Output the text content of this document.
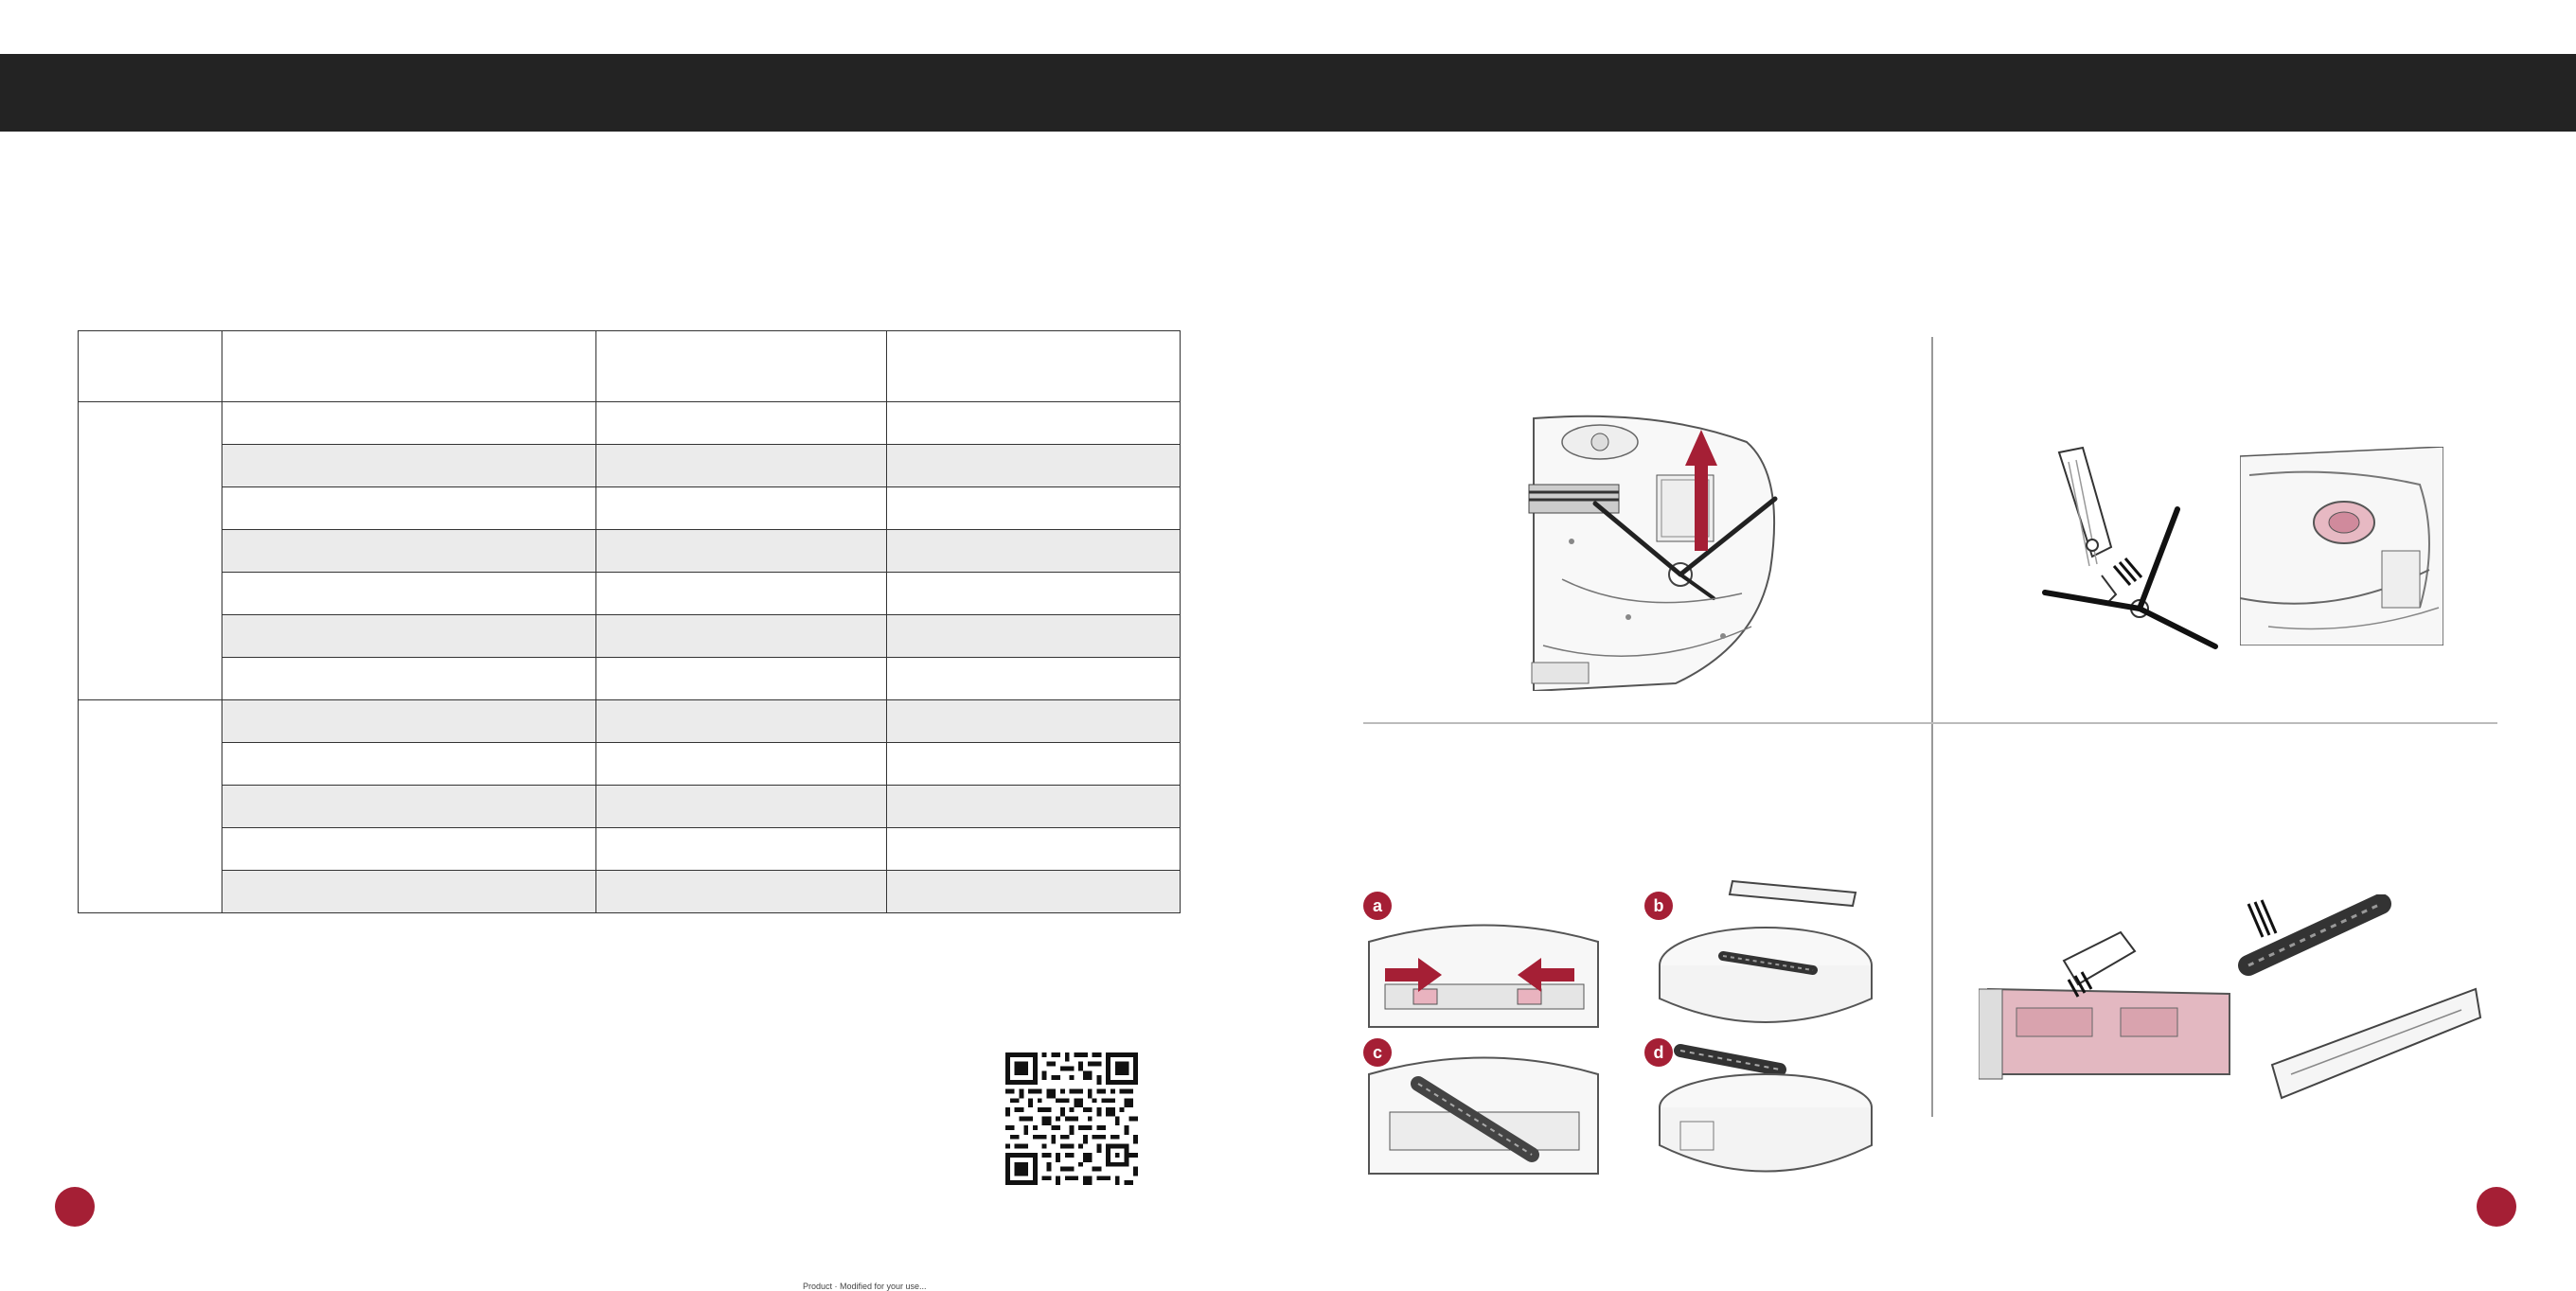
Product · Modified for your use...
a	b
c	d
